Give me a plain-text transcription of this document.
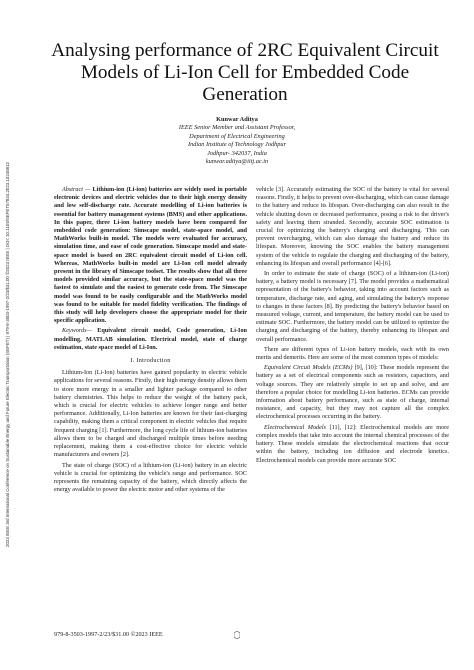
2023 IEEE 3rd International Conference on Sustainable Energy and Future Electric Transportation (SEFET) | 979-8-3503-1997-2/23/$31.00 ©2023 IEEE | DOI: 10.1109/SEFET57834.2023.10245812
Analysing performance of 2RC Equivalent Circuit Models of Li-Ion Cell for Embedded Code Generation
Kunwar Aditya
IEEE Senior Member and Assistant Professor,
Department of Electrical Engineering
Indian Institute of Technology Jodhpur
Jodhpur- 342037, India
kunwar.aditya@iitj.ac.in

Abstract — Lithium-ion (Li-ion) batteries are widely used in portable electronic devices and electric vehicles due to their high energy density and low self-discharge rate. Accurate modelling of Li-ion batteries is essential for battery management systems (BMS) and other applications. In this paper, three Li-ion battery models have been compared for embedded code generation: Simscape model, state-space model, and MathWorks built-in model. The models were evaluated for accuracy, simulation time, and ease of code generation. Simscape model and state-space model is based on 2RC equivalent circuit model of Li-ion cell. Whereas, MathWorks built-in model are Li-Ion cell model already present in the library of Simscape toolset. The results show that all three models provided similar accuracy, but the state-space model was the fastest to simulate and the easiest to generate code from. The Simscape model was found to be easily configurable and the MathWorks model was found to be suitable for model fidelity verification. The findings of this study will help developers choose the appropriate model for their specific application.

Keywords— Equivalent circuit model, Code generation, Li-Ion modelling, MATLAB simulation. Electrical model, state of charge estimation, state space model of Li-Ion.

I. Introduction

Lithium-Ion (Li-Ion) batteries have gained popularity in electric vehicle applications for several reasons. Firstly, their high energy density allows them to store more energy in a smaller and lighter package compared to other battery chemistries. This helps to reduce the weight of the battery pack, which is crucial for electric vehicles to achieve longer range and better performance. Additionally, Li-Ion batteries are known for their fast-charging capability, making them a critical component in electric vehicles that require frequent charging [1]. Furthermore, the long cycle life of lithium-ion batteries allows them to be charged and discharged multiple times before needing replacement, making them a cost-effective choice for electric vehicle manufacturers and owners [2].

The state of charge (SOC) of a lithium-ion (Li-ion) battery in an electric vehicle is crucial for optimizing the vehicle's range and performance. SOC represents the remaining capacity of the battery, which directly affects the energy available to power the electric motor and other systems of the

vehicle [3]. Accurately estimating the SOC of the battery is vital for several reasons. Firstly, it helps to prevent over-discharging, which can cause damage to the battery and reduce its lifespan. Over-discharging can also result in the vehicle shutting down or decreased performance, posing a risk to the driver's safety and leaving them stranded. Secondly, accurate SOC estimation is crucial for optimizing the battery's charging and discharging. This can prevent overcharging, which can also damage the battery and reduce its lifespan. Moreover, knowing the SOC enables the battery management system of the vehicle to regulate the charging and discharging of the battery, enhancing its lifespan and overall performance [4]-[6].

In order to estimate the state of charge (SOC) of a lithium-ion (Li-ion) battery, a battery model is necessary [7]. The model provides a mathematical representation of the battery's behavior, taking into account factors such as temperature, discharge rate, and aging, and simulating the battery's response to changes in these factors [8]. By predicting the battery's behavior based on measured voltage, current, and temperature, the battery model can be used to estimate SOC. Furthermore, the battery model can be utilized to optimize the charging and discharging of the battery, thereby enhancing its lifespan and overall performance.

There are different types of Li-ion battery models, each with its own merits and demerits. Here are some of the most common types of models:

Equivalent Circuit Models (ECMs) [9], [10]: These models represent the battery as a set of electrical components such as resistors, capacitors, and voltage sources. They are relatively simple to set up and solve, and are therefore a popular choice for modelling Li-ion batteries. ECMs can provide information about battery performance, such as state of charge, internal resistance, and capacity, but they may not capture all the complex electrochemical processes occurring in the battery.

Electrochemical Models [11], [12]: Electrochemical models are more complex models that take into account the internal chemical processes of the battery. These models simulate the electrochemical reactions that occur within the battery, including ion diffusion and electrode kinetics. Electrochemical models can provide more accurate SOC

979-8-3503-1997-2/23/$31.00 ©2023 IEEE
